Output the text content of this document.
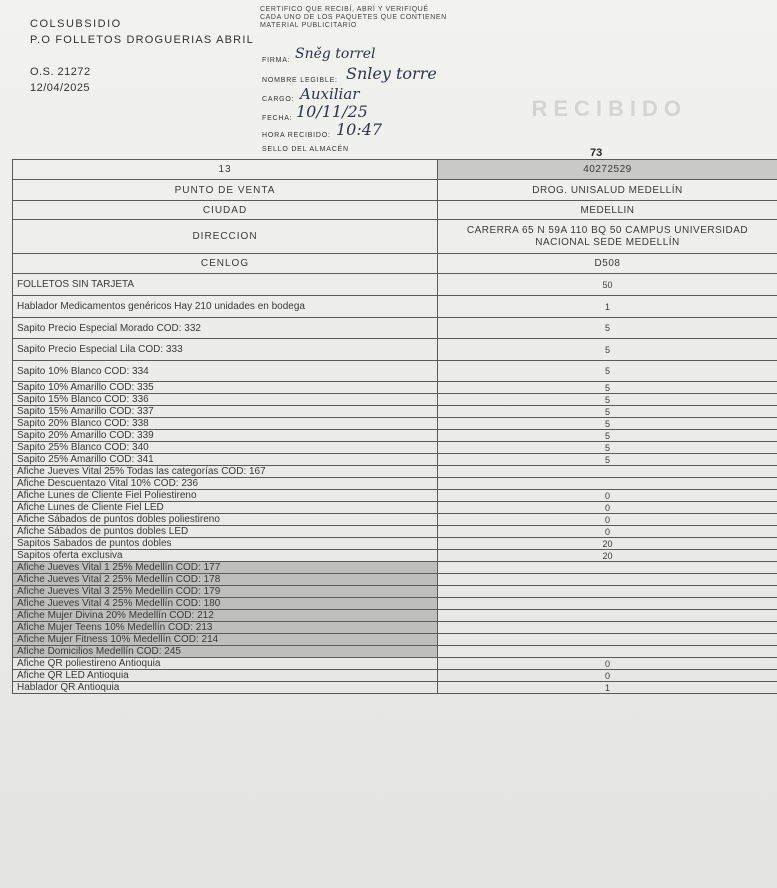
COLSUBSIDIO
P.O FOLLETOS DROGUERIAS ABRIL
O.S. 21272
12/04/2025
CERTIFICO QUE RECIBÍ, ABRÍ Y VERIFIQUÉ CADA UNO DE LOS PAQUETES QUE CONTIENEN MATERIAL PUBLICITARIO
FIRMA: Sněg torrel
NOMBRE LEGIBLE: Snley torre
CARGO: Auxiliar
FECHA: 10/11/25
HORA RECIBIDO: 10:47
RECIBIDO
SELLO DEL ALMACÉN	73
13	40272529
PUNTO DE VENTA	DROG. UNISALUD MEDELLÍN
CIUDAD	MEDELLIN
DIRECCION	CARERRA 65 N 59A 110 BQ 50 CAMPUS UNIVERSIDAD NACIONAL SEDE MEDELLÍN
CENLOG	D508
FOLLETOS SIN TARJETA	50
Hablador Medicamentos genéricos Hay 210 unidades en bodega	1
Sapito Precio Especial Morado COD: 332	5
Sapito Precio Especial Lila COD: 333	5
Sapito 10% Blanco COD: 334	5
Sapito 10% Amarillo COD: 335	5
Sapito 15% Blanco COD: 336	5
Sapito 15% Amarillo COD: 337	5
Sapito 20% Blanco COD: 338	5
Sapito 20% Amarillo COD: 339	5
Sapito 25% Blanco COD: 340	5
Sapito 25% Amarillo COD: 341	5
Afiche Jueves Vital 25% Todas las categorías COD: 167	
Afiche Descuentazo Vital 10% COD: 236	
Afiche Lunes de Cliente Fiel Poliestireno	0
Afiche Lunes de Cliente Fiel LED	0
Afiche Sábados de puntos dobles poliestireno	0
Afiche Sábados de puntos dobles LED	0
Sapitos Sabados de puntos dobles	20
Sapitos oferta exclusiva	20
Afiche Jueves Vital 1 25% Medellín COD: 177	
Afiche Jueves Vital 2 25% Medellín COD: 178	
Afiche Jueves Vital 3 25% Medellín COD: 179	
Afiche Jueves Vital 4 25% Medellín COD: 180	
Afiche Mujer Divina 20% Medellín COD: 212	
Afiche Mujer Teens 10% Medellín COD: 213	
Afiche Mujer Fitness 10% Medellín COD: 214	
Afiche Domicilios Medellín COD: 245	
Afiche QR poliestireno Antioquia	0
Afiche QR LED Antioquia	0
Hablador QR Antioquia	1
